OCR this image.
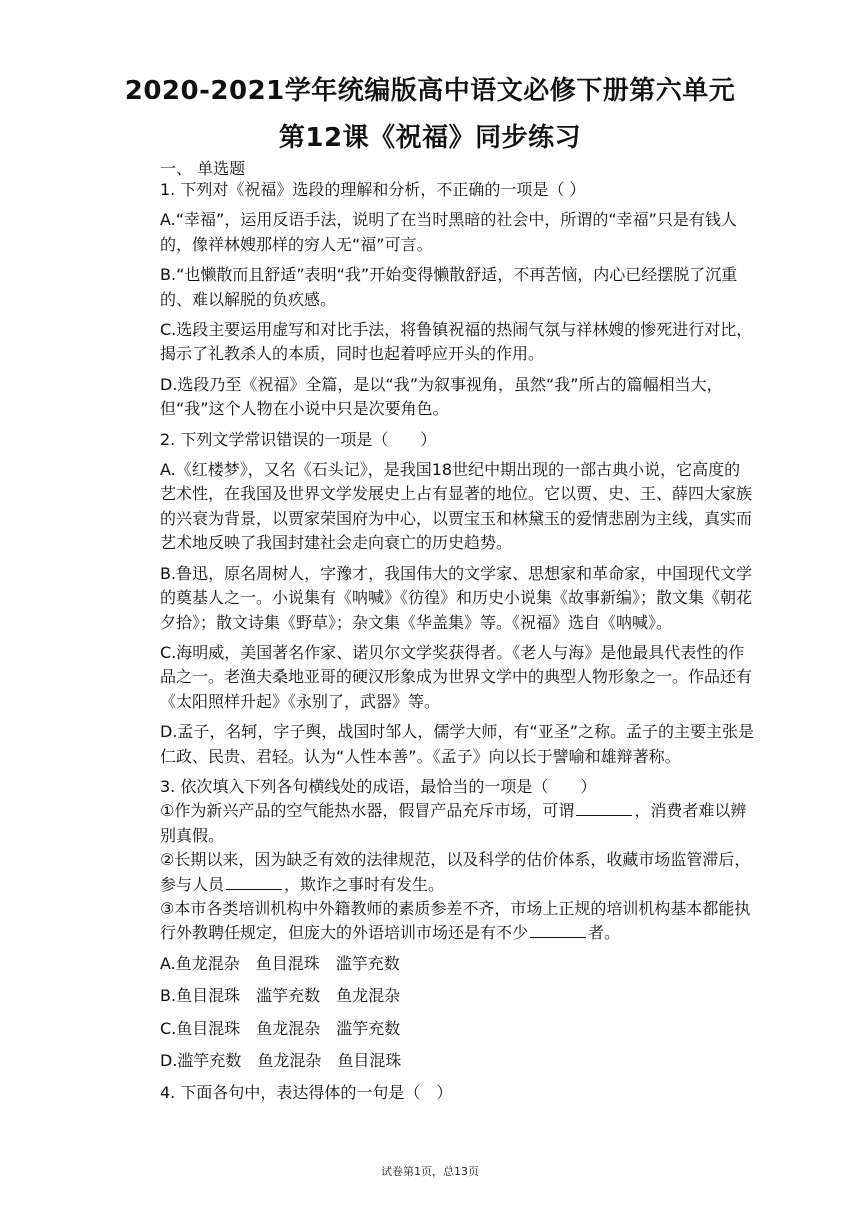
2020-2021学年统编版高中语文必修下册第六单元
第12课《祝福》同步练习
一、 单选题
1. 下列对《祝福》选段的理解和分析，不正确的一项是（ ）
A.“幸福”，运用反语手法，说明了在当时黑暗的社会中，所谓的“幸福”只是有钱人的，像祥林嫂那样的穷人无“福”可言。
B.“也懒散而且舒适”表明“我”开始变得懒散舒适，不再苦恼，内心已经摆脱了沉重的、难以解脱的负疚感。
C.选段主要运用虚写和对比手法，将鲁镇祝福的热闹气氛与祥林嫂的惨死进行对比，揭示了礼教杀人的本质，同时也起着呼应开头的作用。
D.选段乃至《祝福》全篇，是以“我”为叙事视角，虽然“我”所占的篇幅相当大，但“我”这个人物在小说中只是次要角色。
2. 下列文学常识错误的一项是（　　）
A.《红楼梦》，又名《石头记》，是我国18世纪中期出现的一部古典小说，它高度的艺术性，在我国及世界文学发展史上占有显著的地位。它以贾、史、王、薛四大家族的兴衰为背景，以贾家荣国府为中心，以贾宝玉和林黛玉的爱情悲剧为主线，真实而艺术地反映了我国封建社会走向衰亡的历史趋势。
B.鲁迅，原名周树人，字豫才，我国伟大的文学家、思想家和革命家，中国现代文学的奠基人之一。小说集有《呐喊》《彷徨》和历史小说集《故事新编》；散文集《朝花夕拾》；散文诗集《野草》；杂文集《华盖集》等。《祝福》选自《呐喊》。
C.海明威，美国著名作家、诺贝尔文学奖获得者。《老人与海》是他最具代表性的作品之一。老渔夫桑地亚哥的硬汉形象成为世界文学中的典型人物形象之一。作品还有《太阳照样升起》《永别了，武器》等。
D.孟子，名轲，字子舆，战国时邹人，儒学大师，有“亚圣”之称。孟子的主要主张是仁政、民贵、君轻。认为“人性本善”。《孟子》向以长于譬喻和雄辩著称。
3. 依次填入下列各句横线处的成语，最恰当的一项是（　　）
①作为新兴产品的空气能热水器，假冒产品充斥市场，可谓	，消费者难以辨别真假。
②长期以来，因为缺乏有效的法律规范，以及科学的估价体系，收藏市场监管滞后，参与人员	，欺诈之事时有发生。
③本市各类培训机构中外籍教师的素质参差不齐，市场上正规的培训机构基本都能执行外教聘任规定，但庞大的外语培训市场还是有不少	者。
A.鱼龙混杂　鱼目混珠　滥竽充数
B.鱼目混珠　滥竽充数　鱼龙混杂
C.鱼目混珠　鱼龙混杂　滥竽充数
D.滥竽充数　鱼龙混杂　鱼目混珠
4. 下面各句中，表达得体的一句是（　）
试卷第1页，总13页
